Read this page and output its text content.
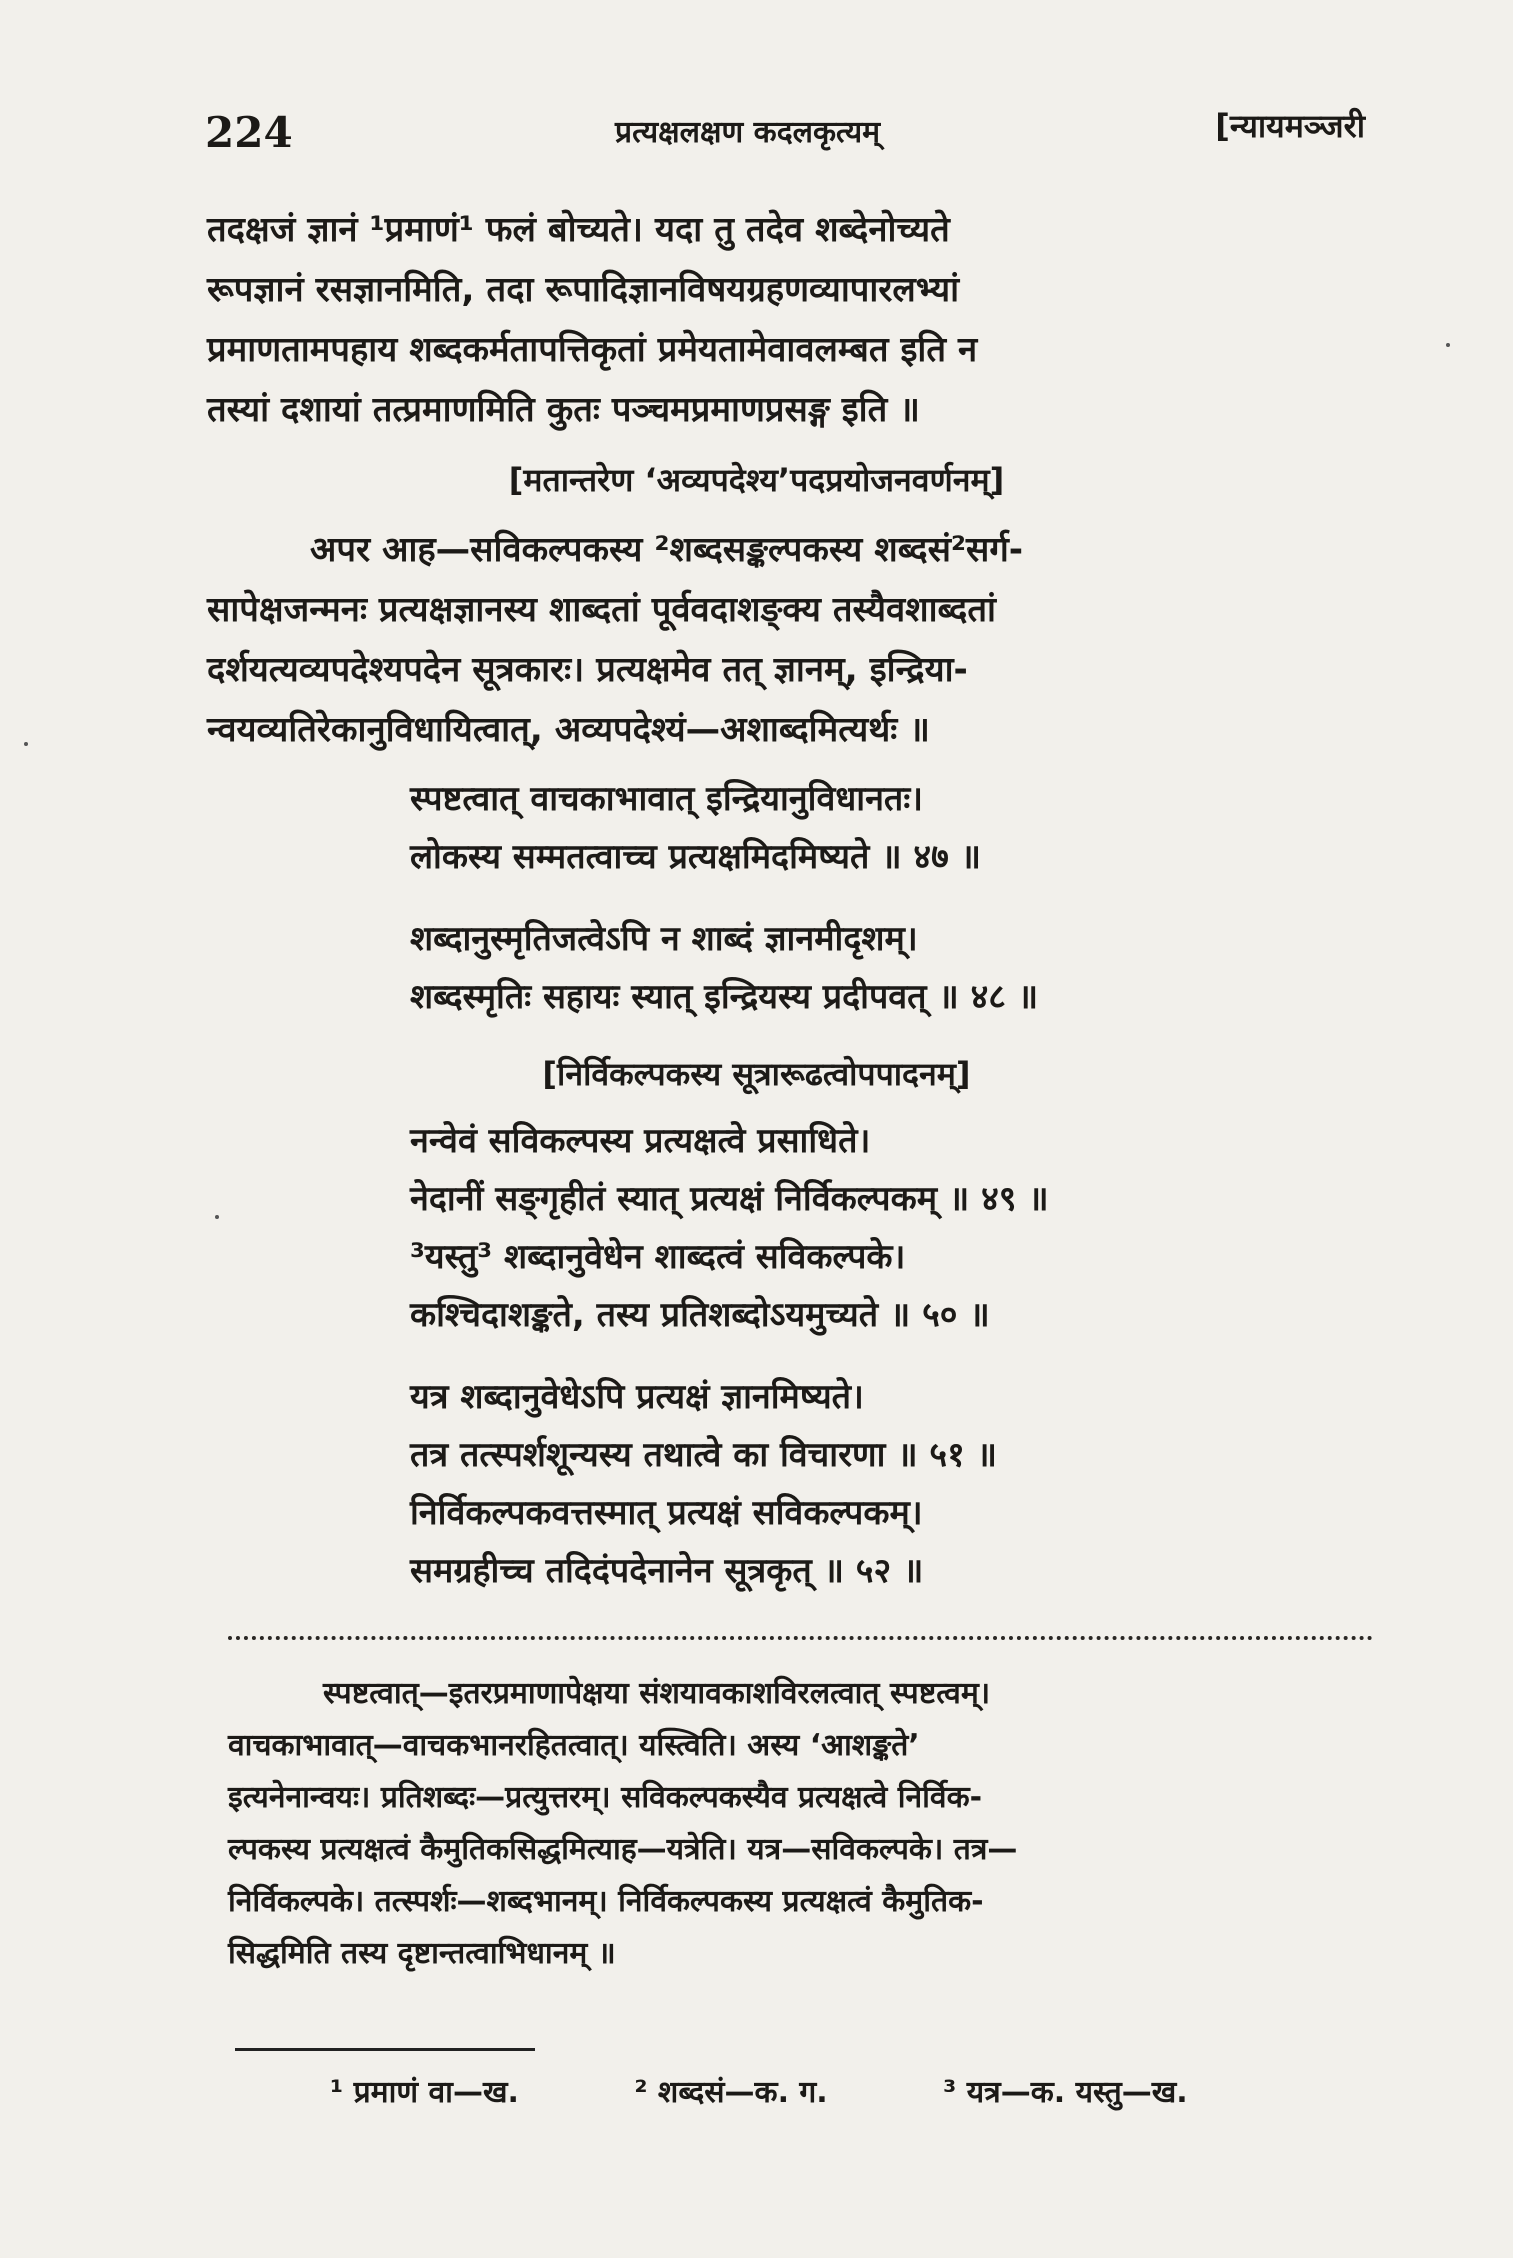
224	प्रत्यक्षलक्षण कदलकृत्यम्	[न्यायमञ्जरी
तदक्षजं ज्ञानं ¹प्रमाणं¹ फलं बोच्यते। यदा तु तदेव शब्देनोच्यते
रूपज्ञानं रसज्ञानमिति, तदा रूपादिज्ञानविषयग्रहणव्यापारलभ्यां
प्रमाणतामपहाय शब्दकर्मतापत्तिकृतां प्रमेयतामेवावलम्बत इति न
तस्यां दशायां तत्प्रमाणमिति कुतः पञ्चमप्रमाणप्रसङ्ग इति ॥
[मतान्तरेण ‘अव्यपदेश्य’पदप्रयोजनवर्णनम्]
अपर आह—सविकल्पकस्य ²शब्दसङ्कल्पकस्य शब्दसं²सर्ग-
सापेक्षजन्मनः प्रत्यक्षज्ञानस्य शाब्दतां पूर्ववदाशङ्क्य तस्यैवशाब्दतां
दर्शयत्यव्यपदेश्यपदेन सूत्रकारः। प्रत्यक्षमेव तत् ज्ञानम्, इन्द्रिया-
न्वयव्यतिरेकानुविधायित्वात्, अव्यपदेश्यं—अशाब्दमित्यर्थः ॥
स्पष्टत्वात् वाचकाभावात् इन्द्रियानुविधानतः।
लोकस्य सम्मतत्वाच्च प्रत्यक्षमिदमिष्यते ॥ ४७ ॥
शब्दानुस्मृतिजत्वेऽपि न शाब्दं ज्ञानमीदृशम्।
शब्दस्मृतिः सहायः स्यात् इन्द्रियस्य प्रदीपवत् ॥ ४८ ॥
[निर्विकल्पकस्य सूत्रारूढत्वोपपादनम्]
नन्वेवं सविकल्पस्य प्रत्यक्षत्वे प्रसाधिते।
नेदानीं सङ्गृहीतं स्यात् प्रत्यक्षं निर्विकल्पकम् ॥ ४९ ॥
³यस्तु³ शब्दानुवेधेन शाब्दत्वं सविकल्पके।
कश्चिदाशङ्कते, तस्य प्रतिशब्दोऽयमुच्यते ॥ ५० ॥
यत्र शब्दानुवेधेऽपि प्रत्यक्षं ज्ञानमिष्यते।
तत्र तत्स्पर्शशून्यस्य तथात्वे का विचारणा ॥ ५१ ॥
निर्विकल्पकवत्तस्मात् प्रत्यक्षं सविकल्पकम्।
समग्रहीच्च तदिदंपदेनानेन सूत्रकृत् ॥ ५२ ॥
स्पष्टत्वात्—इतरप्रमाणापेक्षया संशयावकाशविरलत्वात् स्पष्टत्वम्।
वाचकाभावात्—वाचकभानरहितत्वात्। यस्त्विति। अस्य ‘आशङ्कते’
इत्यनेनान्वयः। प्रतिशब्दः—प्रत्युत्तरम्। सविकल्पकस्यैव प्रत्यक्षत्वे निर्विक-
ल्पकस्य प्रत्यक्षत्वं कैमुतिकसिद्धमित्याह—यत्रेति। यत्र—सविकल्पके। तत्र—
निर्विकल्पके। तत्स्पर्शः—शब्दभानम्। निर्विकल्पकस्य प्रत्यक्षत्वं कैमुतिक-
सिद्धमिति तस्य दृष्टान्तत्वाभिधानम् ॥
¹ प्रमाणं वा—ख.	² शब्दसं—क. ग.	³ यत्र—क. यस्तु—ख.
